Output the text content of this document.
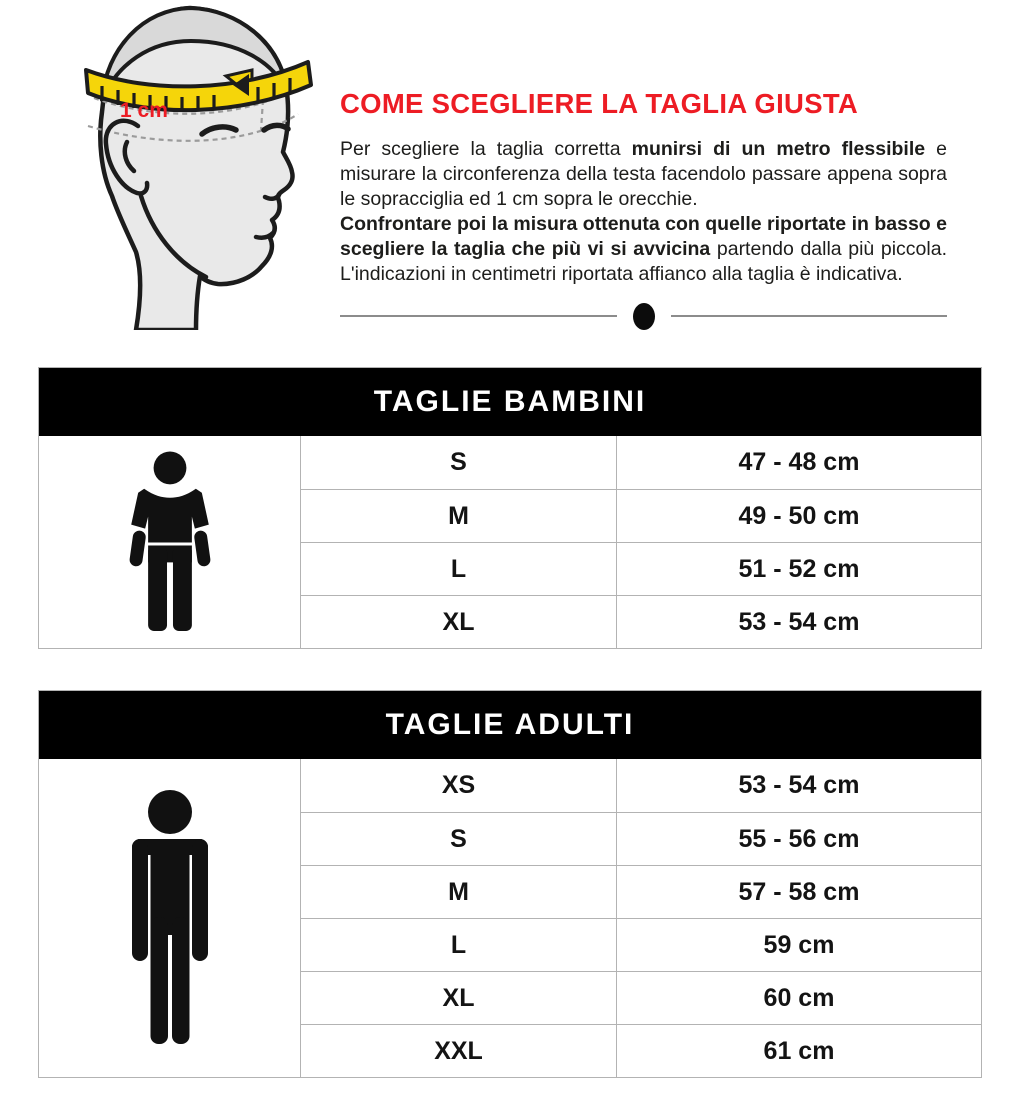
1 cm	COME SCEGLIERE LA TAGLIA GIUSTA

Per scegliere la taglia corretta munirsi di un metro flessibile e misurare la circonferenza della testa facendolo passare appena sopra le sopracciglia ed 1 cm sopra le orecchie.
Confrontare poi la misura ottenuta con quelle riportate in basso e scegliere la taglia che più vi si avvicina partendo dalla più piccola. L'indicazioni in centimetri riportata affianco alla taglia è indicativa.

TAGLIE BAMBINI
S	47 - 48 cm
M	49 - 50 cm
L	51 - 52 cm
XL	53 - 54 cm
TAGLIE ADULTI
XS	53 - 54 cm
S	55 - 56 cm
M	57 - 58 cm
L	59 cm
XL	60 cm
XXL	61 cm
